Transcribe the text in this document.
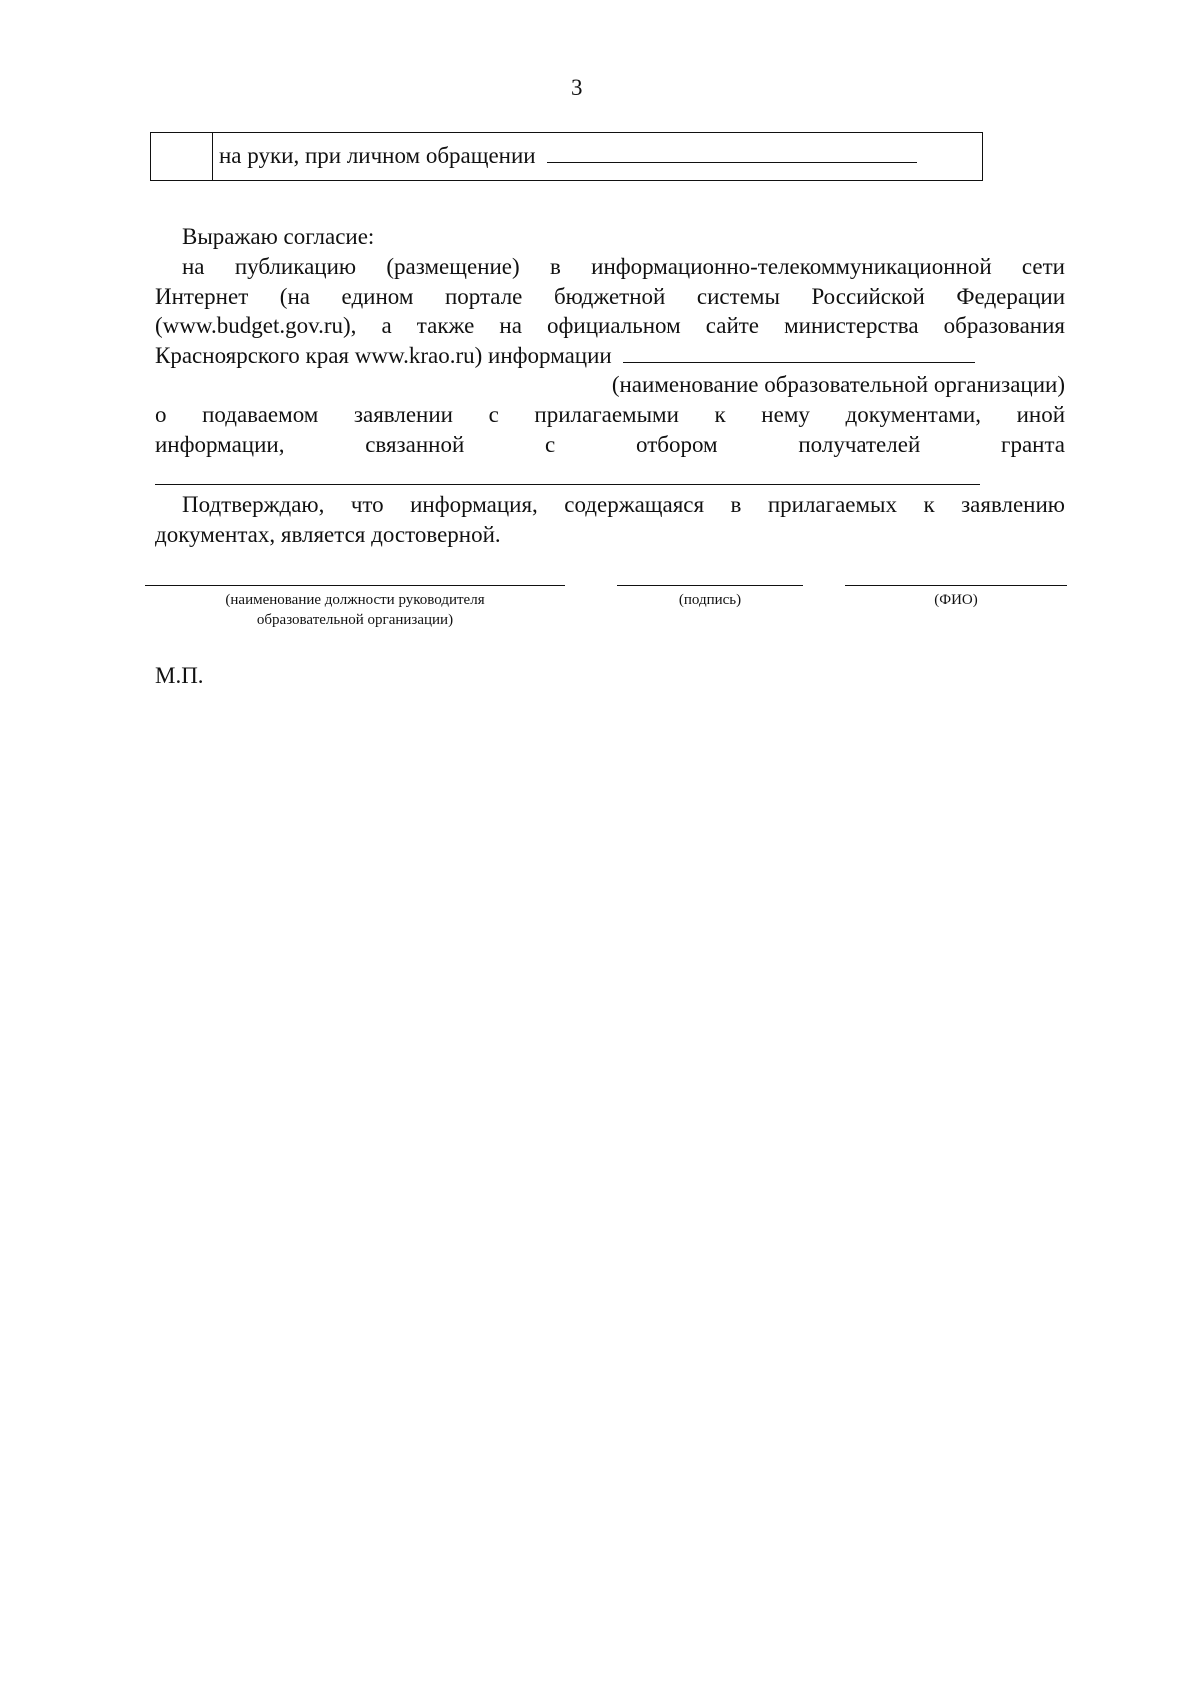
3
на руки, при личном обращении
Выражаю согласие:
на публикацию (размещение) в информационно-телекоммуникационной сети
Интернет (на едином портале бюджетной системы Российской Федерации
(www.budget.gov.ru), а также на официальном сайте министерства образования
Красноярского края www.krao.ru) информации
(наименование образовательной организации)
о подаваемом заявлении с прилагаемыми к нему документами, иной
информации, связанной с отбором получателей гранта
Подтверждаю, что информация, содержащаяся в прилагаемых к заявлению
документах, является достоверной.
(наименование должности руководителя
образовательной организации)
(подпись)	(ФИО)
М.П.
